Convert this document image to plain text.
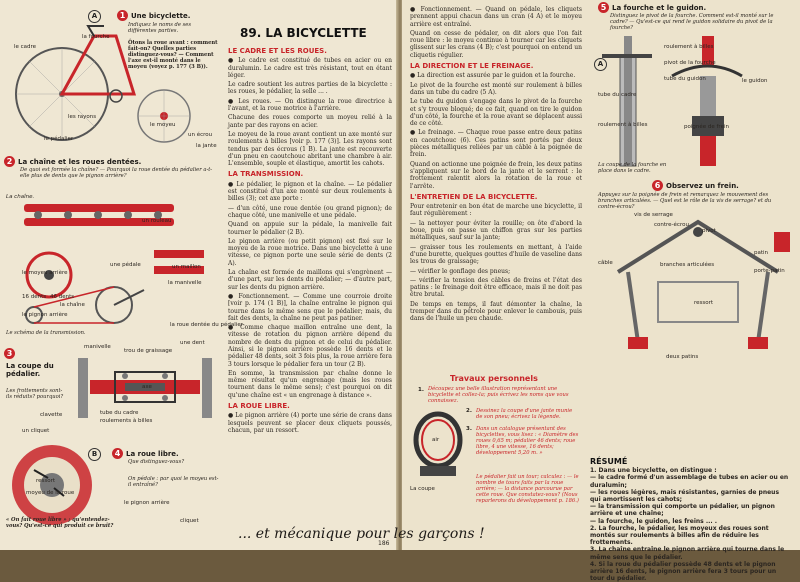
A	1 Une bicyclette.
Indiquez le noms de ses différentes parties.
Ôtons la roue avant : comment fait-on? Quelles parties distinguez-vous? — Comment l'axe est-il monté dans le moyeu (voyez p. 177 (3 B)).
le cadre
la fourche
les rayons
le pédalier
le moyeu
un écrou
la jante
2 La chaîne et les roues dentées.
De quoi est formée la chaîne? — Pourquoi la roue dentée du pédalier a-t-elle plus de dents que le pignon arrière?
La chaîne.
un rouleau
une pédale	un maillon
la manivelle
16 dents 46 dents
le pignon arrière
le moyeu arrière
la chaîne
la roue dentée du pédalier
une dent
Le schéma de la transmission.
3
La coupe du pédalier.
Les frottements sont-ils réduits? pourquoi?
manivelle
trou de graissage
axe
clavette	tube du cadre
roulements à billes
un cliquet
ressort
moyeu de la roue
B	4 La roue libre.
Que distinguez-vous?
On pédale : par quoi le moyeu est-il entraîné?
le pignon arrière
cliquet
« On fait roue libre » ; qu'entendez-vous? Qu'est-ce qui produit ce bruit?
89. LA BICYCLETTE
LE CADRE ET LES ROUES.

● Le cadre est constitué de tubes en acier ou en duralumin. Le cadre est très résistant, tout en étant léger.

Le cadre soutient les autres parties de la bicyclette : les roues, le pédalier, la selle ... .

● Les roues. — On distingue la roue directrice à l'avant, et la roue motrice à l'arrière.

Chacune des roues comporte un moyeu relié à la jante par des rayons en acier.

Le moyeu de la roue avant contient un axe monté sur roulements à billes [voir p. 177 (3)]. Les rayons sont tendus par des écrous (1 B). La jante est recouverte d'un pneu en caoutchouc abritant une chambre à air. L'ensemble, souple et élastique, amortit les cahots.

LA TRANSMISSION.

● Le pédalier, le pignon et la chaîne. — Le pédalier est constitué d'un axe monté sur deux roulements à billes (3); cet axe porte :

— d'un côté, une roue dentée (ou grand pignon); de chaque côté, une manivelle et une pédale.

Quand on appuie sur la pédale, la manivelle fait tourner le pédalier (2 B).

Le pignon arrière (ou petit pignon) est fixé sur le moyeu de la roue motrice. Dans une bicyclette à une vitesse, ce pignon porte une seule série de dents (2 A).

La chaîne est formée de maillons qui s'engrènent — d'une part, sur les dents du pédalier; — d'autre part, sur les dents du pignon arrière.

● Fonctionnement. — Comme une courroie droite [voir p. 174 (1 B)], la chaîne entraîne le pignon qui tourne dans le même sens que le pédalier; mais, du fait des dents, la chaîne ne peut pas patiner.

● Comme chaque maillon entraîne une dent, la vitesse de rotation du pignon arrière dépend du nombre de dents du pignon et de celui du pédalier. Ainsi, si le pignon arrière possède 16 dents et le pédalier 48 dents, soit 3 fois plus, la roue arrière fera 3 tours lorsque le pédalier fera un tour (2 B).

En somme, la transmission par chaîne donne le même résultat qu'un engrenage (mais les roues tournent dans le même sens); c'est pourquoi on dit qu'une chaîne est « un engrenage à distance ».

LA ROUE LIBRE.

● Le pignon arrière (4) porte une série de crans dans lesquels peuvent se placer deux cliquets poussés, chacun, par un ressort.

● Fonctionnement. — Quand on pédale, les cliquets prennent appui chacun dans un cran (4 A) et le moyeu arrière est entraîné.

Quand on cesse de pédaler, on dit alors que l'on fait roue libre : le moyeu continue à tourner car les cliquets glissent sur les crans (4 B); c'est pourquoi on entend un cliquetis régulier.

LA DIRECTION ET LE FREINAGE.

● La direction est assurée par le guidon et la fourche.

Le pivot de la fourche est monté sur roulement à billes dans un tube du cadre (5 A).

Le tube du guidon s'engage dans le pivot de la fourche et s'y trouve bloqué; de ce fait, quand on tire le guidon d'un côté, la fourche et la roue avant se déplacent aussi de ce côté.

● Le freinage. — Chaque roue passe entre deux patins en caoutchouc (6). Ces patins sont portés par deux pièces métalliques reliées par un câble à la poignée de frein.

Quand on actionne une poignée de frein, les deux patins s'appliquent sur le bord de la jante et le serrent : le frottement ralentit alors la rotation de la roue et l'arrête.

L'ENTRETIEN DE LA BICYCLETTE.

Pour entretenir en bon état de marche une bicyclette, il faut régulièrement :

— la nettoyer pour éviter la rouille; on ôte d'abord la boue, puis on passe un chiffon gras sur les parties métalliques, sauf sur la jante;

— graisser tous les roulements en mettant, à l'aide d'une burette, quelques gouttes d'huile de vaseline dans les trous de graissage;

— vérifier le gonflage des pneus;

— vérifier la tension des câbles de freins et l'état des patins : le freinage doit être efficace, mais il ne doit pas être brutal.

De temps en temps, il faut démonter la chaîne, la tremper dans du pétrole pour enlever le cambouis, puis dans de l'huile un peu chaude.

Travaux personnels
1. Découpez une belle illustration représentant une bicyclette et collez-la; puis écrivez les noms que vous connaissez.
air
La coupe
2. Dessinez la coupe d'une jante munie de son pneu; écrivez la légende.
3. Dans un catalogue présentant des bicyclettes, vous lisez : « Diamètre des roues 0,65 m; pédalier 46 dents; roue libre, 4 une vitesse, 16 dents; développement 5,20 m. »
Le pédalier fait un tour; calculez : — le nombre de tours faits par la roue arrière; — la distance parcourue par cette roue. Que constatez-vous? (Nous reparlerons du développement p. 186.)
5 La fourche et le guidon.
Distinguez le pivot de la fourche. Comment est-il monté sur le cadre? — Qu'est-ce qui rend le guidon solidaire du pivot de la fourche?
A
roulement à billes
pivot de la fourche
tube du cadre
tube du guidon	le guidon
poignée de frein
roulement à billes
La coupe de la fourche en place dans le cadre.
6 Observez un frein.
Appuyez sur la poignée de frein et remarquez le mouvement des branches articulées. — Quel est le rôle de la vis de serrage? et du contre-écrou?
vis de serrage
contre-écrou
pivot
câble	branches articulées
ressort
patin
porte-patin
deux patins
RÉSUMÉ
1. Dans une bicyclette, on distingue :
— le cadre formé d'un assemblage de tubes en acier ou en duralumin;
— les roues légères, mais résistantes, garnies de pneus qui amortissent les cahots;
— la transmission qui comporte un pédalier, un pignon arrière et une chaîne;
— la fourche, le guidon, les freins ... .
2. La fourche, le pédalier, les moyeux des roues sont montés sur roulements à billes afin de réduire les frottements.
3. La chaîne entraîne le pignon arrière qui tourne dans le même sens que le pédalier.
4. Si la roue du pédalier possède 48 dents et le pignon arrière 16 dents, le pignon arrière fera 3 tours pour un tour du pédalier.
... et mécanique pour les garçons !
186
